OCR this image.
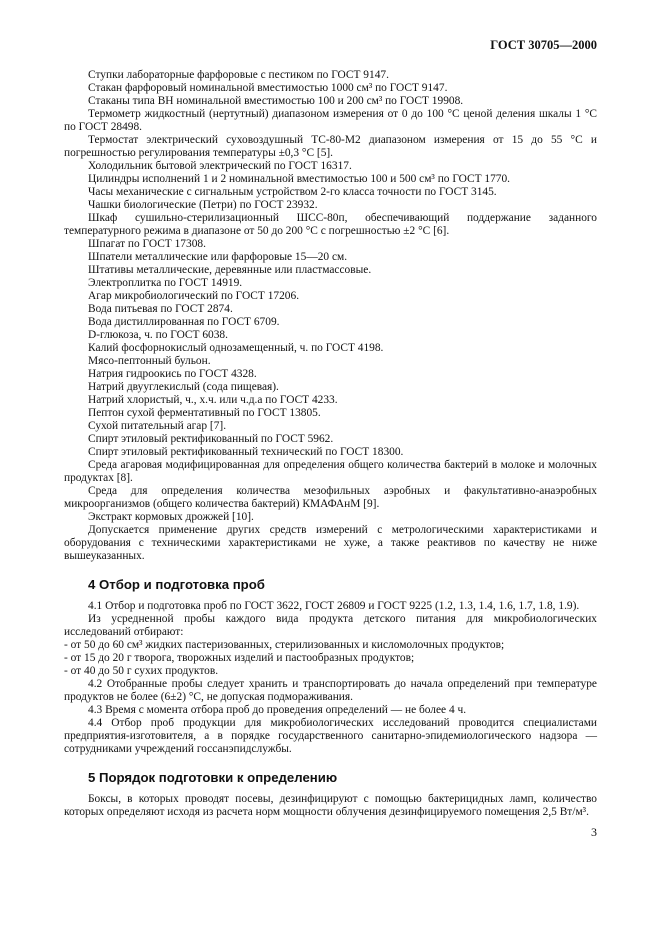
ГОСТ 30705—2000

Ступки лабораторные фарфоровые с пестиком по ГОСТ 9147.

Стакан фарфоровый номинальной вместимостью 1000 см³ по ГОСТ 9147.

Стаканы типа ВН номинальной вместимостью 100 и 200 см³ по ГОСТ 19908.

Термометр жидкостный (нертутный) диапазоном измерения от 0 до 100 °С ценой деления шкалы 1 °С по ГОСТ 28498.

Термостат электрический суховоздушный ТС-80-М2 диапазоном измерения от 15 до 55 °С и погрешностью регулирования температуры ±0,3 °С [5].

Холодильник бытовой электрический по ГОСТ 16317.

Цилиндры исполнений 1 и 2 номинальной вместимостью 100 и 500 см³ по ГОСТ 1770.

Часы механические с сигнальным устройством 2-го класса точности по ГОСТ 3145.

Чашки биологические (Петри) по ГОСТ 23932.

Шкаф сушильно-стерилизационный ШСС-80п, обеспечивающий поддержание заданного температурного режима в диапазоне от 50 до 200 °С с погрешностью ±2 °С [6].

Шпагат по ГОСТ 17308.

Шпатели металлические или фарфоровые 15—20 см.

Штативы металлические, деревянные или пластмассовые.

Электроплитка по ГОСТ 14919.

Агар микробиологический по ГОСТ 17206.

Вода питьевая по ГОСТ 2874.

Вода дистиллированная по ГОСТ 6709.

D-глюкоза, ч. по ГОСТ 6038.

Калий фосфорнокислый однозамещенный, ч. по ГОСТ 4198.

Мясо-пептонный бульон.

Натрия гидроокись по ГОСТ 4328.

Натрий двууглекислый (сода пищевая).

Натрий хлористый, ч., х.ч. или ч.д.а по ГОСТ 4233.

Пептон сухой ферментативный по ГОСТ 13805.

Сухой питательный агар [7].

Спирт этиловый ректификованный по ГОСТ 5962.

Спирт этиловый ректификованный технический по ГОСТ 18300.

Среда агаровая модифицированная для определения общего количества бактерий в молоке и молочных продуктах [8].

Среда для определения количества мезофильных аэробных и факультативно-анаэробных микроорганизмов (общего количества бактерий) КМАФАнМ [9].

Экстракт кормовых дрожжей [10].

Допускается применение других средств измерений с метрологическими характеристиками и оборудования с техническими характеристиками не хуже, а также реактивов по качеству не ниже вышеуказанных.

4 Отбор и подготовка проб

4.1 Отбор и подготовка проб по ГОСТ 3622, ГОСТ 26809 и ГОСТ 9225 (1.2, 1.3, 1.4, 1.6, 1.7, 1.8, 1.9).

Из усредненной пробы каждого вида продукта детского питания для микробиологических исследований отбирают:

- от 50 до 60 см³ жидких пастеризованных, стерилизованных и кисломолочных продуктов;

- от 15 до 20 г творога, творожных изделий и пастообразных продуктов;

- от 40 до 50 г сухих продуктов.

4.2 Отобранные пробы следует хранить и транспортировать до начала определений при температуре продуктов не более (6±2) °С, не допуская подмораживания.

4.3 Время с момента отбора проб до проведения определений — не более 4 ч.

4.4 Отбор проб продукции для микробиологических исследований проводится специалистами предприятия-изготовителя, а в порядке государственного санитарно-эпидемиологического надзора — сотрудниками учреждений госсанэпидслужбы.

5 Порядок подготовки к определению

Боксы, в которых проводят посевы, дезинфицируют с помощью бактерицидных ламп, количество которых определяют исходя из расчета норм мощности облучения дезинфицируемого помещения 2,5 Вт/м³.

3
